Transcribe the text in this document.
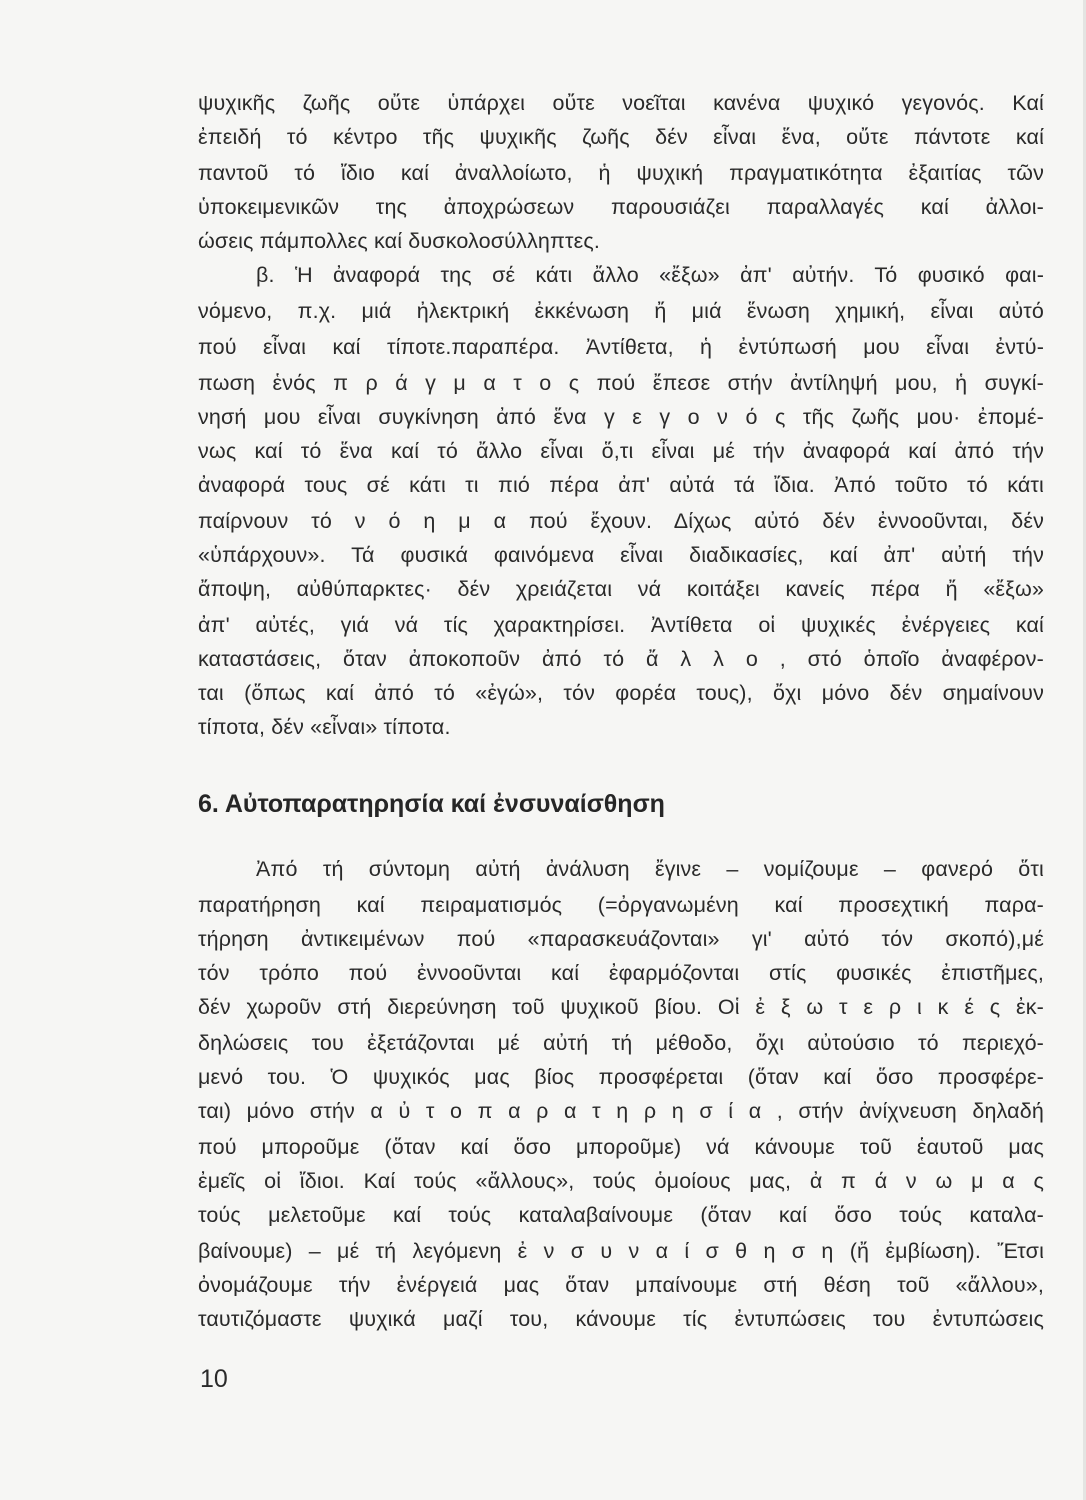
ψυχικῆς ζωῆς οὔτε ὑπάρχει οὔτε νοεῖται κανένα ψυχικό γεγονός. Καί
ἐπειδή τό κέντρο τῆς ψυχικῆς ζωῆς δέν εἶναι ἕνα, οὔτε πάντοτε καί
παντοῦ τό ἴδιο καί ἀναλλοίωτο, ἡ ψυχική πραγματικότητα ἐξαιτίας τῶν
ὑποκειμενικῶν της ἀποχρώσεων παρουσιάζει παραλλαγές καί ἀλλοι-
ώσεις πάμπολλες καί δυσκολοσύλληπτες.
β. Ἡ ἀναφορά της σέ κάτι ἄλλο «ἔξω» ἀπ' αὐτήν. Τό φυσικό φαι-
νόμενο, π.χ. μιά ἠλεκτρική ἐκκένωση ἤ μιά ἕνωση χημική, εἶναι αὐτό
πού εἶναι καί τίποτε.παραπέρα. Ἀντίθετα, ἡ ἐντύπωσή μου εἶναι ἐντύ-
πωση ἑνός π ρ ά γ μ α τ ο ς πού ἔπεσε στήν ἀντίληψή μου, ἡ συγκί-
νησή μου εἶναι συγκίνηση ἀπό ἕνα γ ε γ ο ν ό ς τῆς ζωῆς μου· ἐπομέ-
νως καί τό ἕνα καί τό ἄλλο εἶναι ὅ,τι εἶναι μέ τήν ἀναφορά καί ἀπό τήν
ἀναφορά τους σέ κάτι τι πιό πέρα ἀπ' αὐτά τά ἴδια. Ἀπό τοῦτο τό κάτι
παίρνουν τό ν ό η μ α πού ἔχουν. Δίχως αὐτό δέν ἐννοοῦνται, δέν
«ὑπάρχουν». Τά φυσικά φαινόμενα εἶναι διαδικασίες, καί ἀπ' αὐτή τήν
ἄποψη, αὐθύπαρκτες· δέν χρειάζεται νά κοιτάξει κανείς πέρα ἤ «ἔξω»
ἀπ' αὐτές, γιά νά τίς χαρακτηρίσει. Ἀντίθετα οἱ ψυχικές ἐνέργειες καί
καταστάσεις, ὅταν ἀποκοποῦν ἀπό τό ἄ λ λ ο , στό ὁποῖο ἀναφέρον-
ται (ὅπως καί ἀπό τό «ἐγώ», τόν φορέα τους), ὄχι μόνο δέν σημαίνουν
τίποτα, δέν «εἶναι» τίποτα.
6. Αὐτοπαρατηρησία καί ἐνσυναίσθηση
Ἀπό τή σύντομη αὐτή ἀνάλυση ἔγινε – νομίζουμε – φανερό ὅτι
παρατήρηση καί πειραματισμός (=ὀργανωμένη καί προσεχτική παρα-
τήρηση ἀντικειμένων πού «παρασκευάζονται» γι' αὐτό τόν σκοπό),μέ
τόν τρόπο πού ἐννοοῦνται καί ἐφαρμόζονται στίς φυσικές ἐπιστῆμες,
δέν χωροῦν στή διερεύνηση τοῦ ψυχικοῦ βίου. Οἱ ἐ ξ ω τ ε ρ ι κ έ ς ἐκ-
δηλώσεις του ἐξετάζονται μέ αὐτή τή μέθοδο, ὄχι αὐτούσιο τό περιεχό-
μενό του. Ὁ ψυχικός μας βίος προσφέρεται (ὅταν καί ὅσο προσφέρε-
ται) μόνο στήν α ὐ τ ο π α ρ α τ η ρ η σ ί α , στήν ἀνίχνευση δηλαδή
πού μποροῦμε (ὅταν καί ὅσο μποροῦμε) νά κάνουμε τοῦ ἑαυτοῦ μας
ἐμεῖς οἱ ἴδιοι. Καί τούς «ἄλλους», τούς ὁμοίους μας, ἀ π ά ν ω μ α ς
τούς μελετοῦμε καί τούς καταλαβαίνουμε (ὅταν καί ὅσο τούς καταλα-
βαίνουμε) – μέ τή λεγόμενη ἐ ν σ υ ν α ί σ θ η σ η (ἤ ἐμβίωση). Ἔτσι
ὀνομάζουμε τήν ἐνέργειά μας ὅταν μπαίνουμε στή θέση τοῦ «ἄλλου»,
ταυτιζόμαστε ψυχικά μαζί του, κάνουμε τίς ἐντυπώσεις του ἐντυπώσεις
10
